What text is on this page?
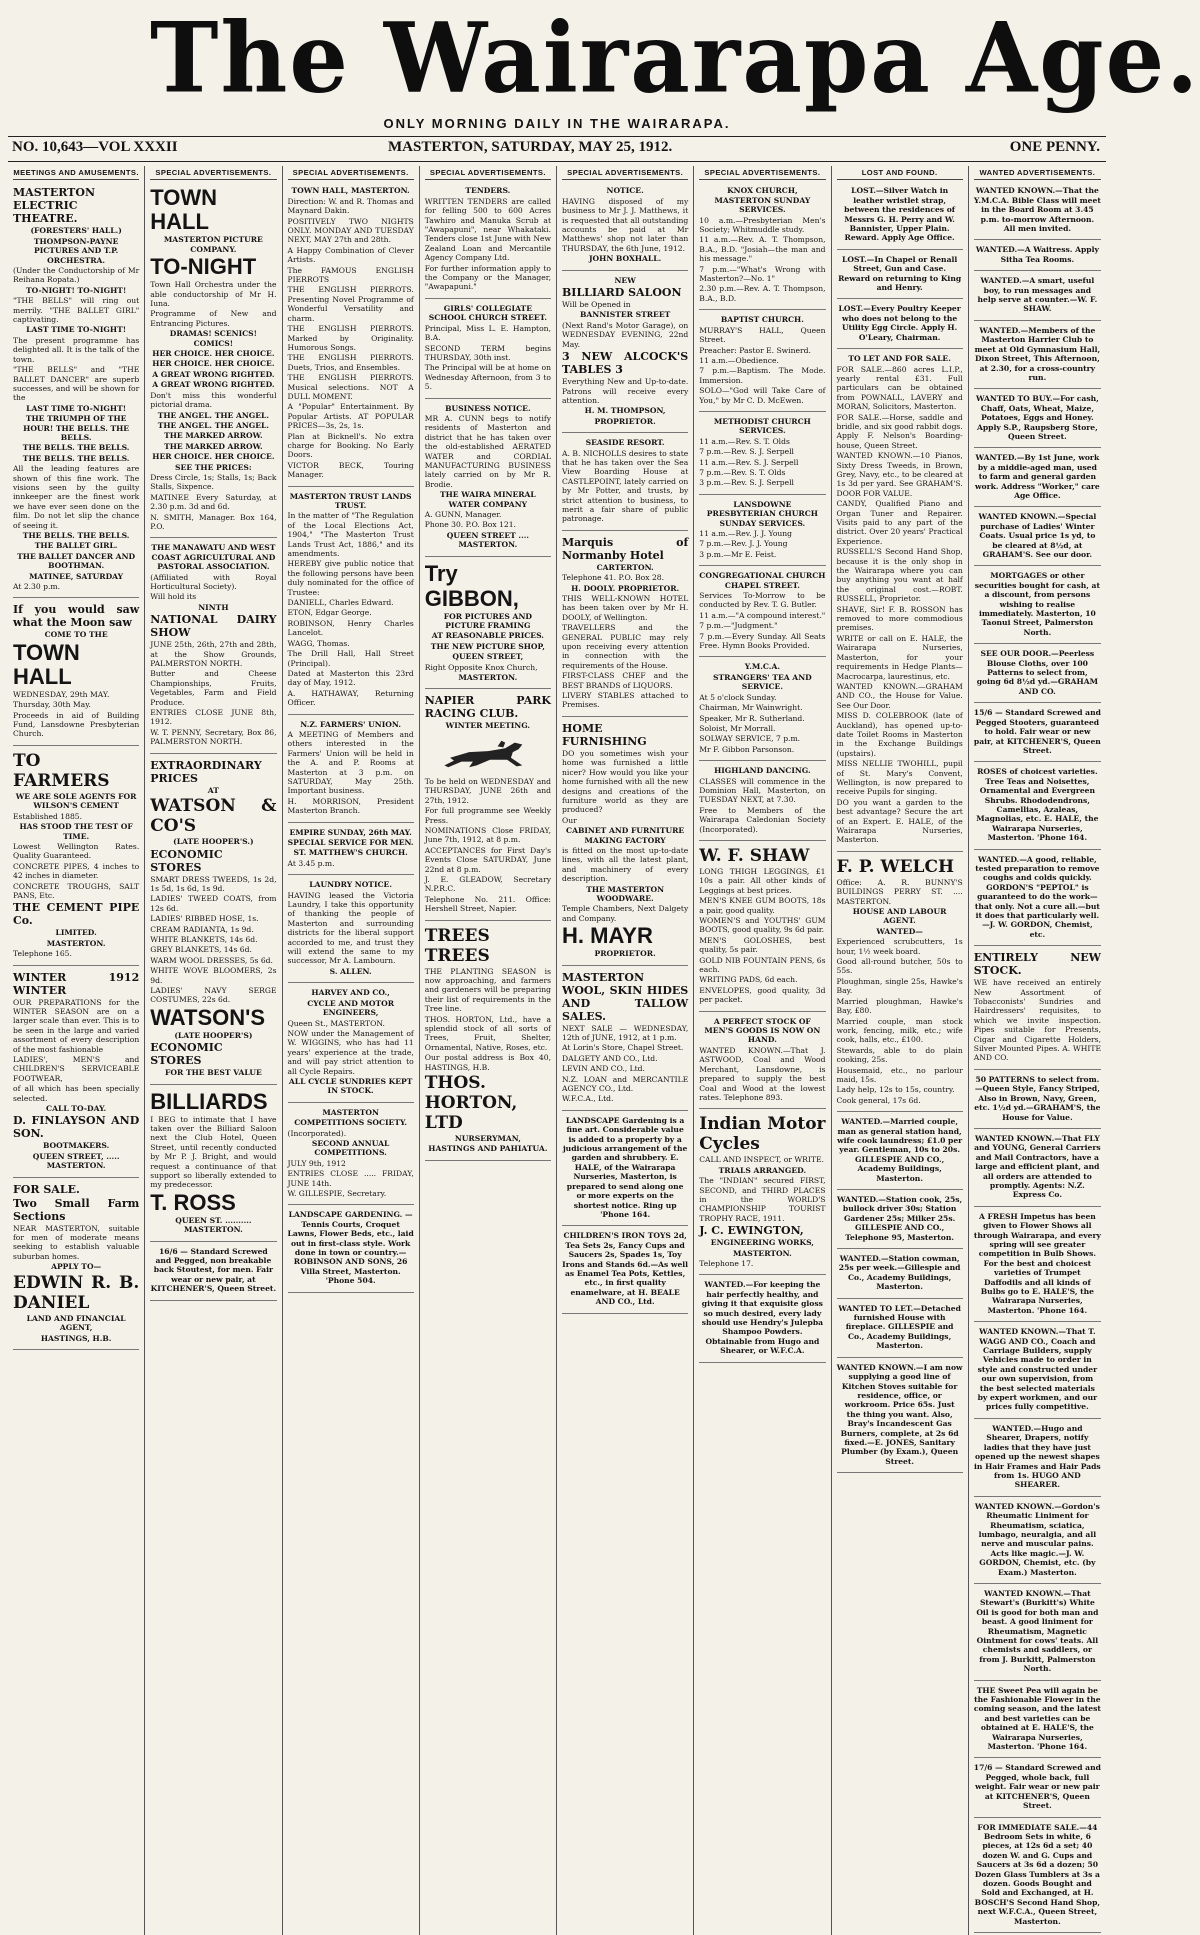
The Wairarapa Age.
ONLY MORNING DAILY IN THE WAIRARAPA.
NO. 10,643—VOL XXXII	MASTERTON, SATURDAY, MAY 25, 1912.	ONE PENNY.
MEETINGS AND AMUSEMENTS.

MASTERTON ELECTRIC THEATRE.

(FORESTERS' HALL.)

THOMPSON-PAYNE PICTURES AND T.P. ORCHESTRA.

(Under the Conductorship of Mr Reihana Ropata.)

TO-NIGHT! TO-NIGHT!

"THE BELLS" will ring out merrily. "THE BALLET GIRL" captivating.

LAST TIME TO-NIGHT!

The present programme has delighted all. It is the talk of the town.

"THE BELLS" and "THE BALLET DANCER" are superb successes, and will be shown for the

LAST TIME TO-NIGHT!

THE TRIUMPH OF THE HOUR! THE BELLS. THE BELLS.

THE BELLS. THE BELLS.

THE BELLS. THE BELLS.

All the leading features are shown of this fine work. The visions seen by the guilty innkeeper are the finest work we have ever seen done on the film. Do not let slip the chance of seeing it.

THE BELLS. THE BELLS.

THE BALLET GIRL.

THE BALLET DANCER AND BOOTHMAN.

MATINEE, SATURDAY

At 2.30 p.m.

If you would saw what the Moon saw

COME TO THE

TOWN HALL

WEDNESDAY, 29th MAY.

Thursday, 30th May.

Proceeds in aid of Building Fund, Lansdowne Presbyterian Church.

TO FARMERS

WE ARE SOLE AGENTS FOR WILSON'S CEMENT

Established 1885.

HAS STOOD THE TEST OF TIME.

Lowest Wellington Rates. Quality Guaranteed.

CONCRETE PIPES, 4 inches to 42 inches in diameter.

CONCRETE TROUGHS, SALT PANS, Etc.

THE CEMENT PIPE Co.

LIMITED.

MASTERTON.

Telephone 165.

WINTER 1912 WINTER

OUR PREPARATIONS for the WINTER SEASON are on a larger scale than ever. This is to be seen in the large and varied assortment of every description of the most fashionable

LADIES', MEN'S and CHILDREN'S SERVICEABLE FOOTWEAR,

of all which has been specially selected.

CALL TO-DAY.

D. FINLAYSON AND SON.

BOOTMAKERS.

QUEEN STREET, ..... MASTERTON.

FOR SALE.

Two Small Farm Sections

NEAR MASTERTON, suitable for men of moderate means seeking to establish valuable suburban homes.

APPLY TO—

EDWIN R. B. DANIEL

LAND AND FINANCIAL AGENT,

HASTINGS, H.B.

SPECIAL ADVERTISEMENTS.

TOWN HALL

MASTERTON PICTURE COMPANY.

TO-NIGHT

Town Hall Orchestra under the able conductorship of Mr H. Iuna.

Programme of New and Entrancing Pictures.

DRAMAS! SCENICS! COMICS!

HER CHOICE. HER CHOICE.

HER CHOICE. HER CHOICE.

A GREAT WRONG RIGHTED.

A GREAT WRONG RIGHTED.

Don't miss this wonderful pictorial drama.

THE ANGEL. THE ANGEL.

THE ANGEL. THE ANGEL.

THE MARKED ARROW.

THE MARKED ARROW.

HER CHOICE. HER CHOICE.

SEE THE PRICES:

Dress Circle, 1s; Stalls, 1s; Back Stalls, Sixpence.

MATINEE Every Saturday, at 2.30 p.m. 3d and 6d.

N. SMITH, Manager. Box 164, P.O.

THE MANAWATU AND WEST COAST AGRICULTURAL AND PASTORAL ASSOCIATION.

(Affiliated with Royal Horticultural Society).

Will hold its

NINTH

NATIONAL DAIRY SHOW

JUNE 25th, 26th, 27th and 28th, at the Show Grounds, PALMERSTON NORTH.

Butter and Cheese Championships, Fruits, Vegetables, Farm and Field Produce.

ENTRIES CLOSE JUNE 8th, 1912.

W. T. PENNY, Secretary, Box 86, PALMERSTON NORTH.

EXTRAORDINARY PRICES

AT

WATSON & CO'S

(LATE HOOPER'S.)

ECONOMIC STORES

SMART DRESS TWEEDS, 1s 2d, 1s 5d, 1s 6d, 1s 9d.

LADIES' TWEED COATS, from 12s 6d.

LADIES' RIBBED HOSE, 1s.

CREAM RADIANTA, 1s 9d.

WHITE BLANKETS, 14s 6d.

GREY BLANKETS, 14s 6d.

WARM WOOL DRESSES, 5s 6d.

WHITE WOVE BLOOMERS, 2s 9d.

LADIES' NAVY SERGE COSTUMES, 22s 6d.

WATSON'S

(LATE HOOPER'S)

ECONOMIC STORES

FOR THE BEST VALUE

BILLIARDS

I BEG to intimate that I have taken over the Billiard Saloon next the Club Hotel, Queen Street, until recently conducted by Mr P. J. Bright, and would request a continuance of that support so liberally extended to my predecessor.

T. ROSS

QUEEN ST. .......... MASTERTON.

16/6 — Standard Screwed and Pegged, non breakable back Stoutest, for men. Fair wear or new pair, at KITCHENER'S, Queen Street.

SPECIAL ADVERTISEMENTS.

TOWN HALL, MASTERTON.

Direction: W. and R. Thomas and Maynard Dakin.

POSITIVELY TWO NIGHTS ONLY. MONDAY AND TUESDAY NEXT, MAY 27th and 28th.

A Happy Combination of Clever Artists.

The FAMOUS ENGLISH PIERROTS

THE ENGLISH PIERROTS. Presenting Novel Programme of Wonderful Versatility and charm.

THE ENGLISH PIERROTS. Marked by Originality. Humorous Songs.

THE ENGLISH PIERROTS. Duets, Trios, and Ensembles.

THE ENGLISH PIERROTS. Musical selections. NOT A DULL MOMENT.

A "Popular" Entertainment. By Popular Artists. AT POPULAR PRICES—3s, 2s, 1s.

Plan at Bicknell's. No extra charge for Booking. No Early Doors.

VICTOR BECK, Touring Manager.

MASTERTON TRUST LANDS TRUST.

In the matter of "The Regulation of the Local Elections Act, 1904," "The Masterton Trust Lands Trust Act, 1886," and its amendments.

HEREBY give public notice that the following persons have been duly nominated for the office of Trustee:

DANIELL, Charles Edward.

ETON, Edgar George.

ROBINSON, Henry Charles Lancelot.

WAGG, Thomas.

The Drill Hall, Hall Street (Principal).

Dated at Masterton this 23rd day of May, 1912.

A. HATHAWAY, Returning Officer.

N.Z. FARMERS' UNION.

A MEETING of Members and others interested in the Farmers' Union will be held in the A. and P. Rooms at Masterton at 3 p.m. on SATURDAY, May 25th. Important business.

H. MORRISON, President Masterton Branch.

EMPIRE SUNDAY, 26th MAY.

SPECIAL SERVICE FOR MEN.

ST. MATTHEW'S CHURCH.

At 3.45 p.m.

LAUNDRY NOTICE.

HAVING leased the Victoria Laundry, I take this opportunity of thanking the people of Masterton and surrounding districts for the liberal support accorded to me, and trust they will extend the same to my successor, Mr A. Lambourn.

S. ALLEN.

HARVEY AND CO.,

CYCLE AND MOTOR ENGINEERS,

Queen St., MASTERTON.

NOW under the Management of W. WIGGINS, who has had 11 years' experience at the trade, and will pay strict attention to all Cycle Repairs.

ALL CYCLE SUNDRIES KEPT IN STOCK.

MASTERTON

COMPETITIONS SOCIETY.

(Incorporated).

SECOND ANNUAL COMPETITIONS.

JULY 9th, 1912

ENTRIES CLOSE ..... FRIDAY, JUNE 14th.

W. GILLESPIE, Secretary.

LANDSCAPE GARDENING. — Tennis Courts, Croquet Lawns, Flower Beds, etc., laid out in first-class style. Work done in town or country.—ROBINSON AND SONS, 26 Villa Street, Masterton. 'Phone 504.

SPECIAL ADVERTISEMENTS.

TENDERS.

WRITTEN TENDERS are called for felling 500 to 600 Acres Tawhiro and Manuka Scrub at "Awapapuni", near Whakataki. Tenders close 1st June with New Zealand Loan and Mercantile Agency Company Ltd.

For further information apply to the Company or the Manager, "Awapapuni."

GIRLS' COLLEGIATE SCHOOL CHURCH STREET.

Principal, Miss L. E. Hampton, B.A.

SECOND TERM begins THURSDAY, 30th inst.

The Principal will be at home on Wednesday Afternoon, from 3 to 5.

BUSINESS NOTICE.

MR A. CUNN begs to notify residents of Masterton and district that he has taken over the old-established AERATED WATER and CORDIAL MANUFACTURING BUSINESS lately carried on by Mr R. Brodie.

THE WAIRA MINERAL WATER COMPANY

A. GUNN, Manager.

Phone 30. P.O. Box 121.

QUEEN STREET .... MASTERTON.

Try

GIBBON,

FOR PICTURES AND PICTURE FRAMING

AT REASONABLE PRICES.

THE NEW PICTURE SHOP,

QUEEN STREET,

Right Opposite Knox Church,

MASTERTON.

NAPIER PARK RACING CLUB.

WINTER MEETING.

To be held on WEDNESDAY and THURSDAY, JUNE 26th and 27th, 1912.

For full programme see Weekly Press.

NOMINATIONS Close FRIDAY, June 7th, 1912, at 8 p.m.

ACCEPTANCES for First Day's Events Close SATURDAY, June 22nd at 8 p.m.

J. E. GLEADOW, Secretary N.P.R.C.

Telephone No. 211. Office: Hershell Street, Napier.

TREES TREES

THE PLANTING SEASON is now approaching, and farmers and gardeners will be preparing their list of requirements in the Tree line.

THOS. HORTON, Ltd., have a splendid stock of all sorts of Trees, Fruit, Shelter, Ornamental, Native, Roses, etc.

Our postal address is Box 40, HASTINGS, H.B.

THOS. HORTON, LTD

NURSERYMAN,

HASTINGS AND PAHIATUA.

SPECIAL ADVERTISEMENTS.

NOTICE.

HAVING disposed of my business to Mr J. J. Matthews, it is requested that all outstanding accounts be paid at Mr Matthews' shop not later than THURSDAY, the 6th June, 1912.

JOHN BOXHALL.

NEW

BILLIARD SALOON

Will be Opened in

BANNISTER STREET

(Next Rand's Motor Garage), on WEDNESDAY EVENING, 22nd May.

3 NEW ALCOCK'S TABLES 3

Everything New and Up-to-date. Patrons will receive every attention.

H. M. THOMPSON,

PROPRIETOR.

SEASIDE RESORT.

A. B. NICHOLLS desires to state that he has taken over the Sea View Boarding House at CASTLEPOINT, lately carried on by Mr Potter, and trusts, by strict attention to business, to merit a fair share of public patronage.

Marquis of Normanby Hotel

CARTERTON.

Telephone 41. P.O. Box 28.

H. DOOLY. PROPRIETOR.

THIS WELL-KNOWN HOTEL has been taken over by Mr H. DOOLY, of Wellington.

TRAVELLERS and the GENERAL PUBLIC may rely upon receiving every attention in connection with the requirements of the House.

FIRST-CLASS CHEF and the BEST BRANDS of LIQUORS.

LIVERY STABLES attached to Premises.

HOME FURNISHING

DO you sometimes wish your home was furnished a little nicer? How would you like your home furnished with all the new designs and creations of the furniture world as they are produced?

Our

CABINET AND FURNITURE MAKING FACTORY

is fitted on the most up-to-date lines, with all the latest plant, and machinery of every description.

THE MASTERTON WOODWARE.

Temple Chambers, Next Dalgety and Company.

H. MAYR

PROPRIETOR.

MASTERTON WOOL, SKIN HIDES AND TALLOW SALES.

NEXT SALE — WEDNESDAY, 12th of JUNE, 1912, at 1 p.m.

At Lorin's Store, Chapel Street.

DALGETY AND CO., Ltd.

LEVIN AND CO., Ltd.

N.Z. LOAN and MERCANTILE AGENCY CO., Ltd.

W.F.C.A., Ltd.

LANDSCAPE Gardening is a fine art. Considerable value is added to a property by a judicious arrangement of the garden and shrubbery. E. HALE, of the Wairarapa Nurseries, Masterton, is prepared to send along one or more experts on the shortest notice. Ring up 'Phone 164.

CHILDREN'S IRON TOYS 2d, Tea Sets 2s, Fancy Cups and Saucers 2s, Spades 1s, Toy Irons and Stands 6d.—As well as Enamel Tea Pots, Kettles, etc., in first quality enamelware, at H. BEALE AND CO., Ltd.

SPECIAL ADVERTISEMENTS.

KNOX CHURCH, MASTERTON SUNDAY SERVICES.

10 a.m.—Presbyterian Men's Society; Whitmuddle study.

11 a.m.—Rev. A. T. Thompson, B.A., B.D. "Josiah—the man and his message."

7 p.m.—"What's Wrong with Masterton?—No. 1"

2.30 p.m.—Rev. A. T. Thompson, B.A., B.D.

BAPTIST CHURCH.

MURRAY'S HALL, Queen Street.

Preacher: Pastor E. Swinerd.

11 a.m.—Obedience.

7 p.m.—Baptism. The Mode. Immersion.

SOLO—"God will Take Care of You," by Mr C. D. McEwen.

METHODIST CHURCH SERVICES.

11 a.m.—Rev. S. T. Olds

7 p.m.—Rev. S. J. Serpell

11 a.m.—Rev. S. J. Serpell

7 p.m.—Rev. S. T. Olds

3 p.m.—Rev. S. J. Serpell

LANSDOWNE PRESBYTERIAN CHURCH SUNDAY SERVICES.

11 a.m.—Rev. J. J. Young

7 p.m.—Rev. J. J. Young

3 p.m.—Mr E. Feist.

CONGREGATIONAL CHURCH CHAPEL STREET.

Services To-Morrow to be conducted by Rev. T. G. Butler.

11 a.m.—"A compound interest."

7 p.m.—"Judgment."

7 p.m.—Every Sunday. All Seats Free. Hymn Books Provided.

Y.M.C.A.

STRANGERS' TEA AND SERVICE.

At 5 o'clock Sunday.

Chairman, Mr Wainwright.

Speaker, Mr R. Sutherland.

Soloist, Mr Morrall.

SOLWAY SERVICE, 7 p.m.

Mr F. Gibbon Parsonson.

HIGHLAND DANCING.

CLASSES will commence in the Dominion Hall, Masterton, on TUESDAY NEXT, at 7.30.

Free to Members of the Wairarapa Caledonian Society (Incorporated).

W. F. SHAW

LONG THIGH LEGGINGS, £1 10s a pair. All other kinds of Leggings at best prices.

MEN'S KNEE GUM BOOTS, 18s a pair, good quality.

WOMEN'S and YOUTHS' GUM BOOTS, good quality, 9s 6d pair.

MEN'S GOLOSHES, best quality, 5s pair.

GOLD NIB FOUNTAIN PENS, 6s each.

WRITING PADS, 6d each.

ENVELOPES, good quality, 3d per packet.

A PERFECT STOCK OF MEN'S GOODS IS NOW ON HAND.

WANTED KNOWN.—That J. ASTWOOD, Coal and Wood Merchant, Lansdowne, is prepared to supply the best Coal and Wood at the lowest rates. Telephone 893.

Indian Motor Cycles

CALL AND INSPECT, or WRITE.

TRIALS ARRANGED.

The "INDIAN" secured FIRST, SECOND, and THIRD PLACES in the WORLD'S CHAMPIONSHIP TOURIST TROPHY RACE, 1911.

J. C. EWINGTON,

ENGINEERING WORKS,

MASTERTON.

Telephone 17.

WANTED.—For keeping the hair perfectly healthy, and giving it that exquisite gloss so much desired, every lady should use Hendry's Julepba Shampoo Powders. Obtainable from Hugo and Shearer, or W.F.C.A.

LOST AND FOUND.

LOST.—Silver Watch in leather wristlet strap, between the residences of Messrs G. H. Perry and W. Bannister, Upper Plain. Reward. Apply Age Office.

LOST.—In Chapel or Renall Street, Gun and Case. Reward on returning to King and Henry.

LOST.—Every Poultry Keeper who does not belong to the Utility Egg Circle. Apply H. O'Leary, Chairman.

TO LET AND FOR SALE.

FOR SALE.—860 acres L.I.P., yearly rental £31. Full particulars can be obtained from POWNALL, LAVERY and MORAN, Solicitors, Masterton.

FOR SALE.—Horse, saddle and bridle, and six good rabbit dogs. Apply F. Nelson's Boarding-house, Queen Street.

WANTED KNOWN.—10 Pianos, Sixty Dress Tweeds, in Brown, Grey, Navy, etc., to be cleared at 1s 3d per yard. See GRAHAM'S. DOOR FOR VALUE.

CANDY, Qualified Piano and Organ Tuner and Repairer. Visits paid to any part of the district. Over 20 years' Practical Experience.

RUSSELL'S Second Hand Shop, because it is the only shop in the Wairarapa where you can buy anything you want at half the original cost.—ROBT. RUSSELL, Proprietor.

SHAVE, Sir! F. B. ROSSON has removed to more commodious premises.

WRITE or call on E. HALE, the Wairarapa Nurseries, Masterton, for your requirements in Hedge Plants—Macrocarpa, laurestinus, etc.

WANTED KNOWN.—GRAHAM AND CO., the House for Value. See Our Door.

MISS D. COLEBROOK (late of Auckland), has opened up-to-date Toilet Rooms in Masterton in the Exchange Buildings (upstairs).

MISS NELLIE TWOHILL, pupil of St. Mary's Convent, Wellington, is now prepared to receive Pupils for singing.

DO you want a garden to the best advantage? Secure the art of an Expert. E. HALE, of the Wairarapa Nurseries, Masterton.

F. P. WELCH

Office: A. R. BUNNY'S BUILDINGS PERRY ST. .... MASTERTON.

HOUSE AND LABOUR AGENT.

WANTED—

Experienced scrubcutters, 1s hour, 1½ week board.

Good all-round butcher, 50s to 55s.

Ploughman, single 25s, Hawke's Bay.

Married ploughman, Hawke's Bay, £80.

Married couple, man stock work, fencing, milk, etc.; wife cook, halls, etc., £100.

Stewards, able to do plain cooking, 25s.

Housemaid, etc., no parlour maid, 15s.

Lady help, 12s to 15s, country.

Cook general, 17s 6d.

WANTED.—Married couple, man as general station hand, wife cook laundress; £1.0 per year. Gentleman, 10s to 20s. GILLESPIE AND CO., Academy Buildings, Masterton.

WANTED.—Station cook, 25s, bullock driver 30s; Station Gardener 25s; Milker 25s. GILLESPIE AND CO., Telephone 95, Masterton.

WANTED.—Station cowman, 25s per week.—Gillespie and Co., Academy Buildings, Masterton.

WANTED TO LET.—Detached furnished House with fireplace. GILLESPIE and Co., Academy Buildings, Masterton.

WANTED KNOWN.—I am now supplying a good line of Kitchen Stoves suitable for residence, office, or workroom. Price 65s. Just the thing you want. Also, Bray's Incandescent Gas Burners, complete, at 2s 6d fixed.—E. JONES, Sanitary Plumber (by Exam.), Queen Street.

WANTED ADVERTISEMENTS.

WANTED KNOWN.—That the Y.M.C.A. Bible Class will meet in the Board Room at 3.45 p.m. to-morrow Afternoon. All men invited.

WANTED.—A Waitress. Apply Sitha Tea Rooms.

WANTED.—A smart, useful boy, to run messages and help serve at counter.—W. F. SHAW.

WANTED.—Members of the Masterton Harrier Club to meet at Old Gymnasium Hall, Dixon Street, This Afternoon, at 2.30, for a cross-country run.

WANTED TO BUY.—For cash, Chaff, Oats, Wheat, Maize, Potatoes, Eggs and Honey. Apply S.P., Raupsberg Store, Queen Street.

WANTED.—By 1st June, work by a middle-aged man, used to farm and general garden work. Address "Worker," care Age Office.

WANTED KNOWN.—Special purchase of Ladies' Winter Coats. Usual price 1s yd, to be cleared at 8½d, at GRAHAM'S. See our door.

MORTGAGES or other securities bought for cash, at a discount, from persons wishing to realise immediately. Masterton, 10 Taonui Street, Palmerston North.

SEE OUR DOOR.—Peerless Blouse Cloths, over 100 Patterns to select from, going 6d 8½d yd.—GRAHAM AND CO.

15/6 — Standard Screwed and Pegged Stooters, guaranteed to hold. Fair wear or new pair, at KITCHENER'S, Queen Street.

ROSES of choicest varieties. Tree Teas and Noisettes, Ornamental and Evergreen Shrubs. Rhododendrons, Camellias, Azaleas, Magnolias, etc. E. HALE, the Wairarapa Nurseries, Masterton. 'Phone 164.

WANTED.—A good, reliable, tested preparation to remove coughs and colds quickly. GORDON'S "PEPTOL" is guaranteed to do the work—that only. Not a cure all.—but it does that particularly well.—J. W. GORDON, Chemist, etc.

ENTIRELY NEW STOCK.

WE have received an entirely New Assortment of Tobacconists' Sundries and Hairdressers' requisites, to which we invite inspection. Pipes suitable for Presents, Cigar and Cigarette Holders, Silver Mounted Pipes. A. WHITE AND CO.

50 PATTERNS to select from.—Queen Style, Fancy Striped, Also in Brown, Navy, Green, etc. 1½d yd.—GRAHAM'S, the House for Value.

WANTED KNOWN.—That FLY and YOUNG, General Carriers and Mail Contractors, have a large and efficient plant, and all orders are attended to promptly. Agents: N.Z. Express Co.

A FRESH Impetus has been given to Flower Shows all through Wairarapa, and every spring will see greater competition in Bulb Shows. For the best and choicest varieties of Trumpet Daffodils and all kinds of Bulbs go to E. HALE'S, the Wairarapa Nurseries, Masterton. 'Phone 164.

WANTED KNOWN.—That T. WAGG AND CO., Coach and Carriage Builders, supply Vehicles made to order in style and constructed under our own supervision, from the best selected materials by expert workmen, and our prices fully competitive.

WANTED.—Hugo and Shearer, Drapers, notify ladies that they have just opened up the newest shapes in Hair Frames and Hair Pads from 1s. HUGO AND SHEARER.

WANTED KNOWN.—Gordon's Rheumatic Liniment for Rheumatism, sciatica, lumbago, neuralgia, and all nerve and muscular pains. Acts like magic.—J. W. GORDON, Chemist, etc. (by Exam.) Masterton.

WANTED KNOWN.—That Stewart's (Burkitt's) White Oil is good for both man and beast. A good liniment for Rheumatism, Magnetic Ointment for cows' teats. All chemists and saddlers, or from J. Burkitt, Palmerston North.

THE Sweet Pea will again be the Fashionable Flower in the coming season, and the latest and best varieties can be obtained at E. HALE'S, the Wairarapa Nurseries, Masterton. 'Phone 164.

17/6 — Standard Screwed and Pegged, whole back, full weight. Fair wear or new pair at KITCHENER'S, Queen Street.

FOR IMMEDIATE SALE.—44 Bedroom Sets in white, 6 pieces, at 12s 6d a set; 40 dozen W. and G. Cups and Saucers at 3s 6d a dozen; 50 Dozen Glass Tumblers at 3s a dozen. Goods Bought and Sold and Exchanged, at H. BOSCH'S Second Hand Shop, next W.F.C.A., Queen Street, Masterton.
